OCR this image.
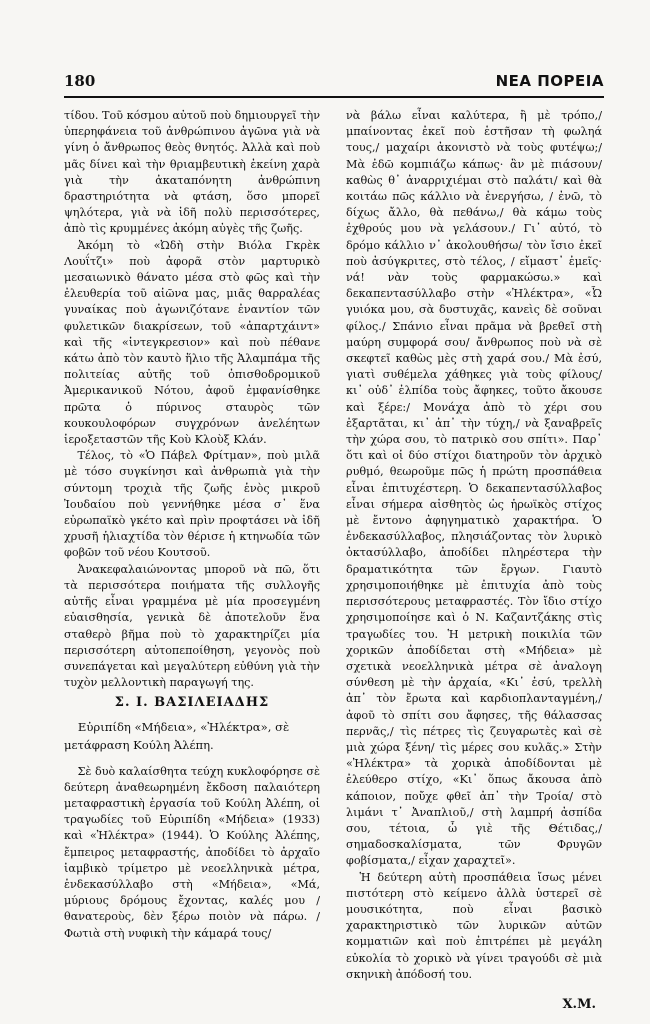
180	ΝΕΑ ΠΟΡΕΙΑ

τίδου. Τοῦ κόσμου αὐτοῦ ποὺ δημιουργεῖ τὴν ὑπερηφάνεια τοῦ ἀνθρώπινου ἀγῶνα γιὰ νὰ γίνη ὁ ἄνθρωπος θεὸς θνητός. Ἀλλὰ καὶ ποὺ μᾶς δίνει καὶ τὴν θριαμβευτικὴ ἐκείνη χαρὰ γιὰ τὴν ἀκαταπόνητη ἀνθρώπινη δραστηριότητα νὰ φτάση, ὅσο μπορεῖ ψηλότερα, γιὰ νὰ ἰδῆ πολὺ περισσότερες, ἀπὸ τὶς κρυμμένες ἀκόμη αὐγὲς τῆς ζωῆς.

Ἀκόμη τὸ «Ὠδὴ στὴν Βιόλα Γκρὲκ Λουΐτζι» ποὺ ἀφορᾶ στὸν μαρτυρικὸ μεσαιωνικὸ θάνατο μέσα στὸ φῶς καὶ τὴν ἐλευθερία τοῦ αἰῶνα μας, μιᾶς θαρραλέας γυναίκας ποὺ ἀγωνιζότανε ἐναντίον τῶν φυλετικῶν διακρίσεων, τοῦ «ἀπαρτχάιντ» καὶ τῆς «ἰντεγκρεσιον» καὶ ποὺ πέθανε κάτω ἀπὸ τὸν καυτὸ ἥλιο τῆς Ἀλαμπάμα τῆς πολιτείας αὐτῆς τοῦ ὀπισθοδρομικοῦ Ἀμερικανικοῦ Νότου, ἀφοῦ ἐμφανίσθηκε πρῶτα ὁ πύρινος σταυρὸς τῶν κουκουλοφόρων συγχρόνων ἀνελέητων ἱεροξεταστῶν τῆς Κοὺ Κλοὺξ Κλάν.

Τέλος, τὸ «Ὁ Πάβελ Φρίτμαν», ποὺ μιλᾶ μὲ τόσο συγκίνησι καὶ ἀνθρωπιὰ γιὰ τὴν σύντομη τροχιὰ τῆς ζωῆς ἑνὸς μικροῦ Ἰουδαίου ποὺ γεννήθηκε μέσα σ᾿ ἕνα εὐρωπαϊκὸ γκέτο καὶ πρὶν προφτάσει νὰ ἰδῆ χρυσῆ ἡλιαχτίδα τὸν θέρισε ἡ κτηνωδία τῶν φοβῶν τοῦ νέου Κουτσοῦ.

Ἀνακεφαλαιώνοντας μποροῦ νὰ πῶ, ὅτι τὰ περισσότερα ποιήματα τῆς συλλογῆς αὐτῆς εἶναι γραμμένα μὲ μία προσεγμένη εὐαισθησία, γενικὰ δὲ ἀποτελοῦν ἕνα σταθερὸ βῆμα ποὺ τὸ χαρακτηρίζει μία περισσότερη αὐτοπεποίθηση, γεγονὸς ποὺ συνεπάγεται καὶ μεγαλύτερη εὐθύνη γιὰ τὴν τυχὸν μελλοντικὴ παραγωγή της.

Σ. Ι. ΒΑΣΙΛΕΙΑΔΗΣ

Εὐριπίδη «Μήδεια», «Ἠλέκτρα», σὲ μετάφραση Κούλη Ἀλέπη.

Σὲ δυὸ καλαίσθητα τεύχη κυκλοφόρησε σὲ δεύτερη ἀναθεωρημένη ἔκδοση παλαιότερη μεταφραστικὴ ἐργασία τοῦ Κούλη Ἀλέπη, οἱ τραγωδίες τοῦ Εὐριπίδη «Μήδεια» (1933) καὶ «Ἠλέκτρα» (1944). Ὁ Κούλης Ἀλέπης, ἔμπειρος μεταφραστής, ἀποδίδει τὸ ἀρχαῖο ἰαμβικὸ τρίμετρο μὲ νεοελληνικὰ μέτρα, ἑνδεκασύλλαβο στὴ «Μήδεια», «Μά, μύριους δρόμους ἔχοντας, καλές μου / θανατεροὺς, δὲν ξέρω ποιὸν νὰ πάρω. / Φωτιὰ στὴ νυφικὴ τὴν κάμαρά τους/

νὰ βάλω εἶναι καλύτερα, ἢ μὲ τρόπο,/ μπαίνοντας ἐκεῖ ποὺ ἑστῆσαν τὴ φωληά τους,/ μαχαίρι ἀκονιστὸ νὰ τοὺς φυτέψω;/ Μὰ ἐδῶ κομπιάζω κάπως· ἂν μὲ πιάσουν/ καθὼς θ᾿ ἀναρριχιέμαι στὸ παλάτι/ καὶ θὰ κοιτάω πῶς κάλλιο νὰ ἐνεργήσω, / ἐνῶ, τὸ δίχως ἄλλο, θὰ πεθάνω,/ θὰ κάμω τοὺς ἐχθρούς μου νὰ γελάσουν./ Γι᾿ αὐτό, τὸ δρόμο κάλλιο ν᾿ ἀκολουθήσω/ τὸν ἴσιο ἐκεῖ ποὺ ἀσύγκριτες, στὸ τέλος, / εἴμαστ᾿ ἐμεῖς· νά! νὰν τοὺς φαρμακώσω.» καὶ δεκαπεντασύλλαβο στὴν «Ἠλέκτρα», «Ὦ γυιόκα μου, σὰ δυστυχᾶς, κανεὶς δὲ σοῦναι φίλος./ Σπάνιο εἶναι πρᾶμα νὰ βρεθεῖ στὴ μαύρη συμφορά σου/ ἄνθρωπος ποὺ νὰ σὲ σκεφτεῖ καθὼς μὲς στὴ χαρά σου./ Μὰ ἐσύ, γιατὶ συθέμελα χάθηκες γιὰ τοὺς φίλους/ κι᾿ οὐδ᾿ ἐλπίδα τοὺς ἄφηκες, τοῦτο ἄκουσε καὶ ξέρε:/ Μονάχα ἀπὸ τὸ χέρι σου ἐξαρτᾶται, κι᾿ ἀπ᾿ τὴν τύχη,/ νὰ ξαναβρεῖς τὴν χώρα σου, τὸ πατρικὸ σου σπίτι». Παρ᾿ ὅτι καὶ οἱ δύο στίχοι διατηροῦν τὸν ἀρχικὸ ρυθμό, θεωροῦμε πῶς ἡ πρώτη προσπάθεια εἶναι ἐπιτυχέστερη. Ὁ δεκαπεντασύλλαβος εἶναι σήμερα αἰσθητὸς ὡς ἡρωϊκὸς στίχος μὲ ἔντονο ἀφηγηματικὸ χαρακτήρα. Ὁ ἑνδεκασύλλαβος, πλησιάζοντας τὸν λυρικὸ ὀκτασύλλαβο, ἀποδίδει πληρέστερα τὴν δραματικότητα τῶν ἔργων. Γιαυτὸ χρησιμοποιήθηκε μὲ ἐπιτυχία ἀπὸ τοὺς περισσότερους μεταφραστές. Τὸν ἴδιο στίχο χρησιμοποίησε καὶ ὁ Ν. Καζαντζάκης στὶς τραγωδίες του. Ἡ μετρικὴ ποικιλία τῶν χορικῶν ἀποδίδεται στὴ «Μήδεια» μὲ σχετικὰ νεοελληνικὰ μέτρα σὲ ἀναλογη σύνθεση μὲ τὴν ἀρχαία, «Κι᾿ ἐσύ, τρελλὴ ἀπ᾿ τὸν ἔρωτα καὶ καρδιοπλανταγμένη,/ ἀφοῦ τὸ σπίτι σου ἄφησες, τῆς θάλασσας περνᾶς,/ τὶς πέτρες τὶς ζευγαρωτὲς καὶ σὲ μιὰ χώρα ξένη/ τὶς μέρες σου κυλᾶς.» Στὴν «Ἠλέκτρα» τὰ χορικὰ ἀποδίδονται μὲ ἐλεύθερο στίχο, «Κι᾿ ὅπως ἄκουσα ἀπὸ κάποιον, ποὔχε φθεῖ ἀπ᾿ τὴν Τροία/ στὸ λιμάνι τ᾿ Ἀναπλιοῦ,/ στὴ λαμπρή ἀσπίδα σου, τέτοια, ὦ γιὲ τῆς Θέτιδας,/ σημαδοσκαλίσματα, τῶν Φρυγῶν φοβίσματα,/ εἶχαν χαραχτεῖ».

Ἡ δεύτερη αὐτὴ προσπάθεια ἴσως μένει πιστότερη στὸ κείμενο ἀλλὰ ὑστερεῖ σὲ μουσικότητα, ποὺ εἶναι βασικὸ χαρακτηριστικὸ τῶν λυρικῶν αὐτῶν κομματιῶν καὶ ποὺ ἐπιτρέπει μὲ μεγάλη εὐκολία τὸ χορικὸ νὰ γίνει τραγούδι σὲ μιὰ σκηνικὴ ἀπόδοσή του.

Χ.Μ.
